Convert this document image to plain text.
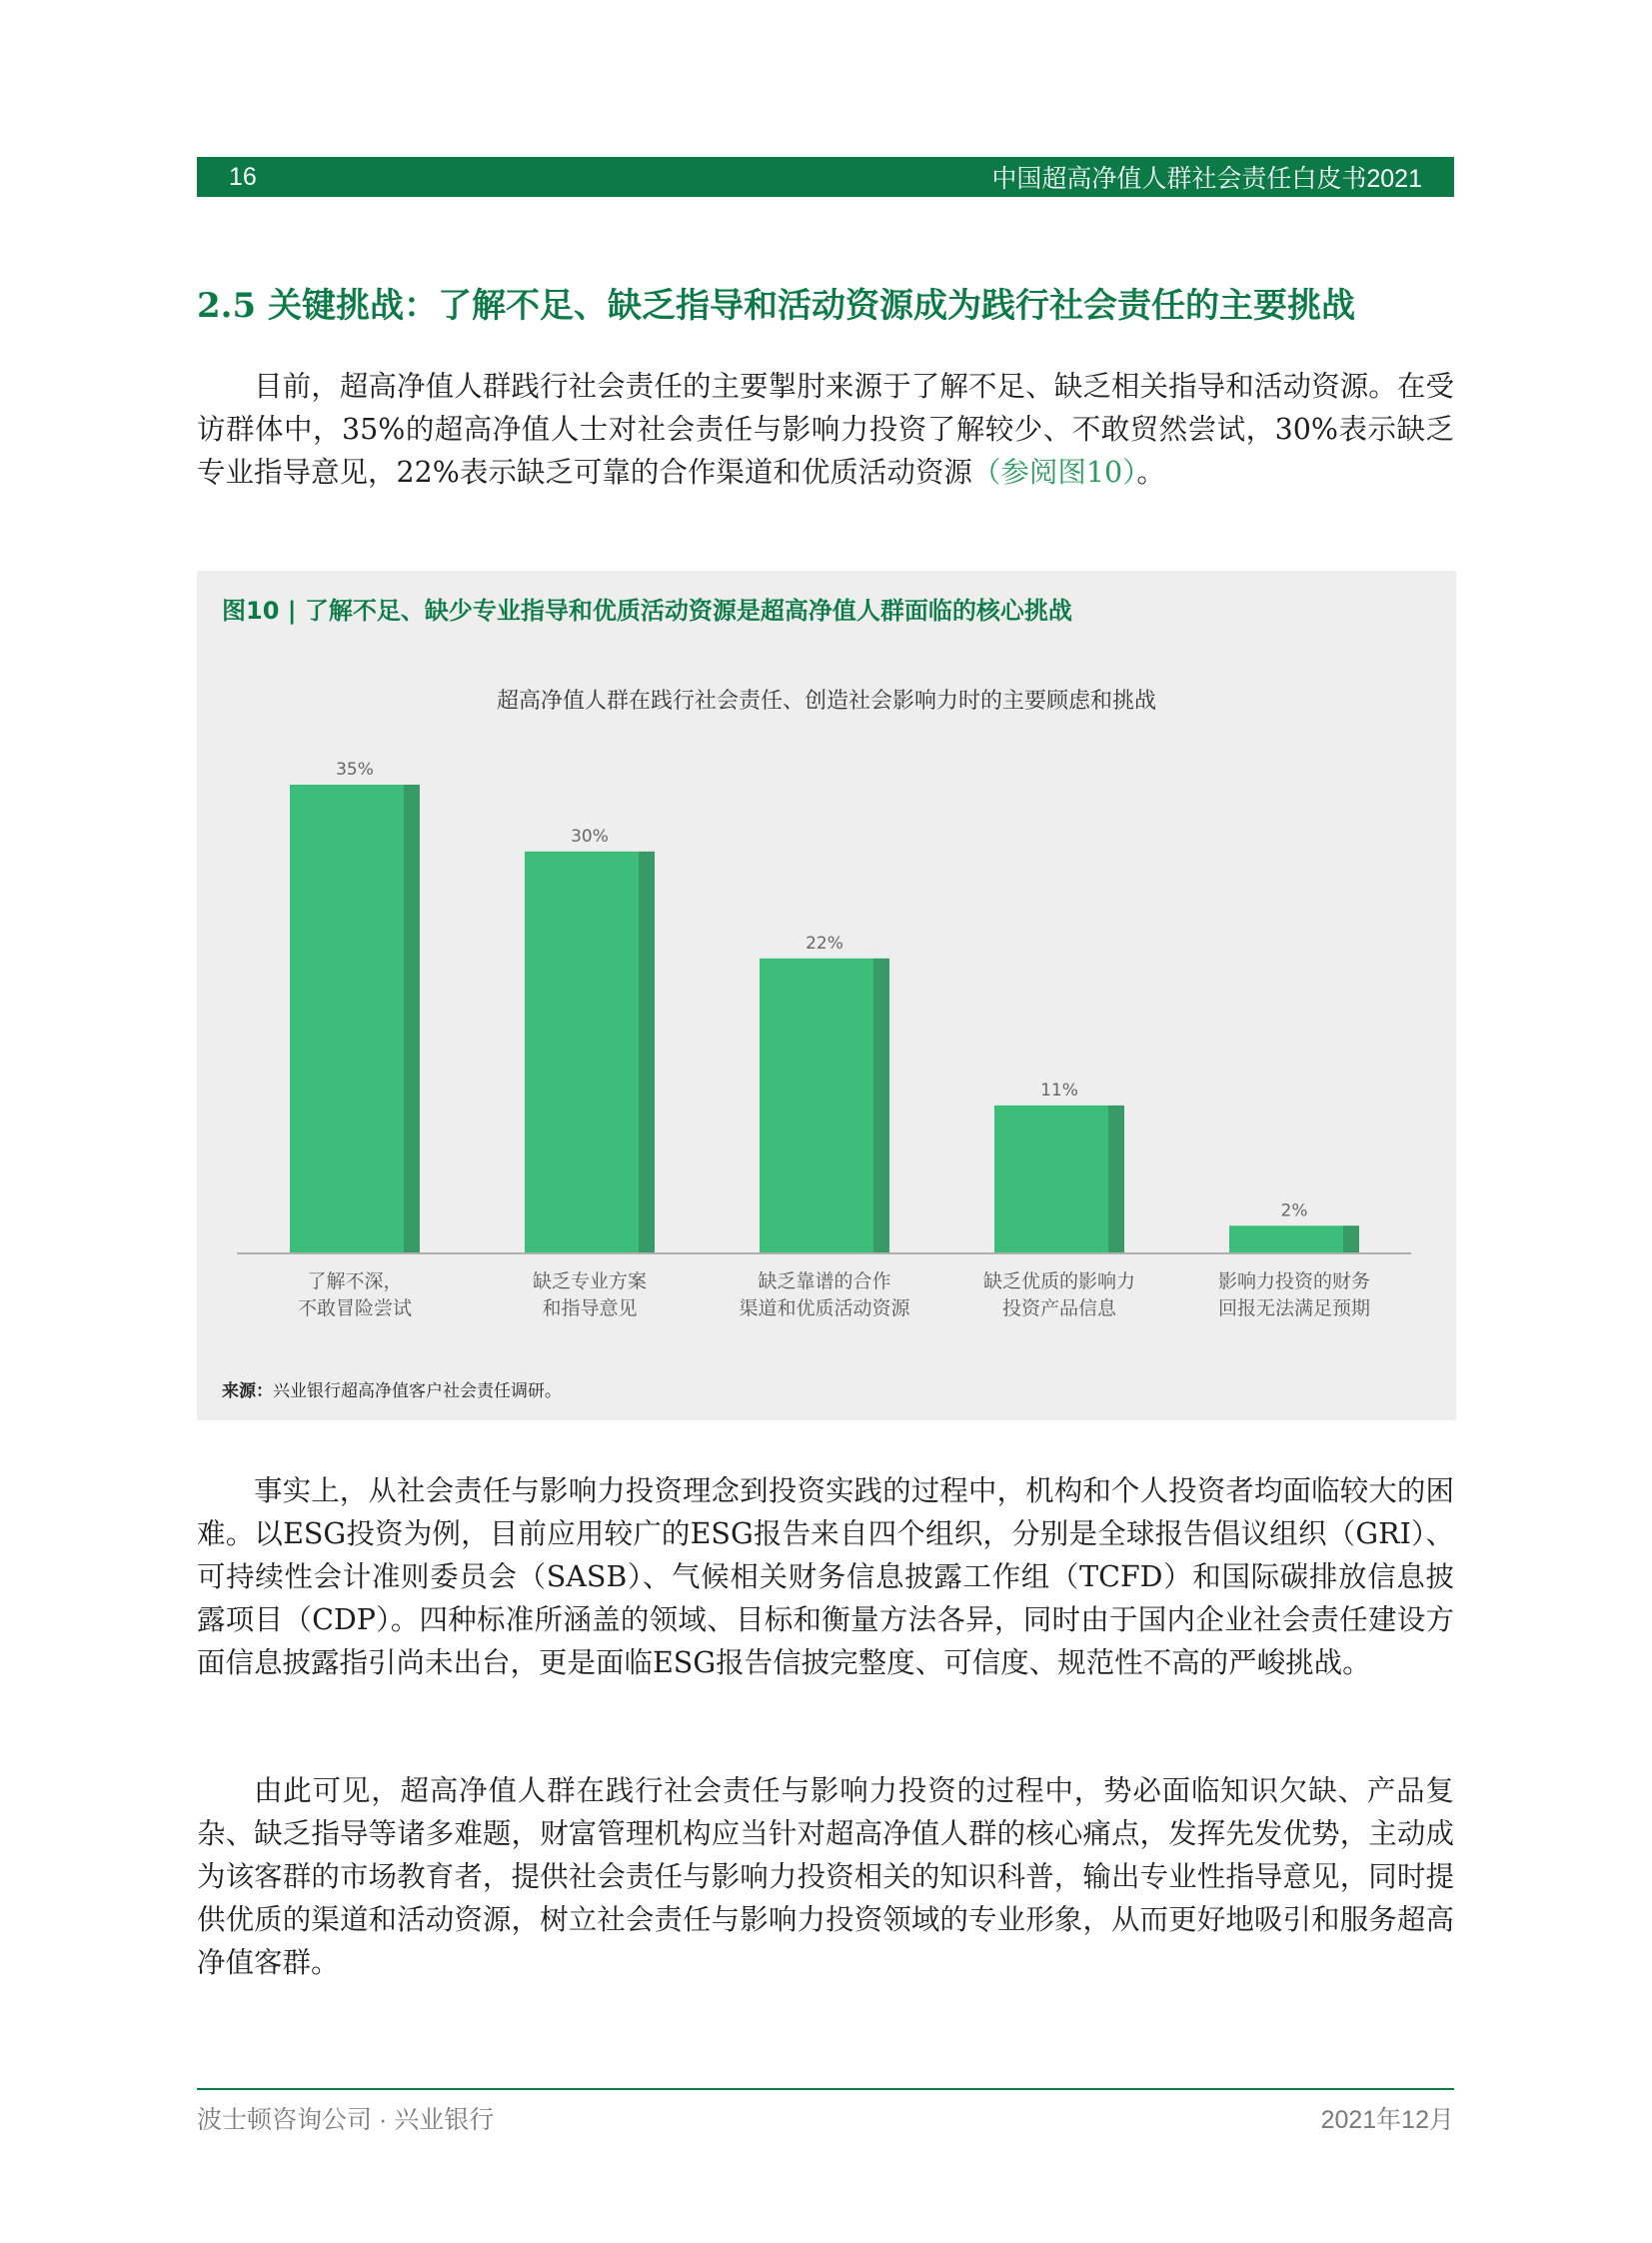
16	中国超高净值人群社会责任白皮书2021
2.5 关键挑战：了解不足、缺乏指导和活动资源成为践行社会责任的主要挑战

目前，超高净值人群践行社会责任的主要掣肘来源于了解不足、缺乏相关指导和活动资源。在受访群体中，35%的超高净值人士对社会责任与影响力投资了解较少、不敢贸然尝试，30%表示缺乏专业指导意见，22%表示缺乏可靠的合作渠道和优质活动资源（参阅图10）。

图10 | 了解不足、缺少专业指导和优质活动资源是超高净值人群面临的核心挑战
超高净值人群在践行社会责任、创造社会影响力时的主要顾虑和挑战
35%
了解不深，
不敢冒险尝试
30%
缺乏专业方案
和指导意见
22%
缺乏靠谱的合作
渠道和优质活动资源
11%
缺乏优质的影响力
投资产品信息
2%
影响力投资的财务
回报无法满足预期
来源：兴业银行超高净值客户社会责任调研。

事实上，从社会责任与影响力投资理念到投资实践的过程中，机构和个人投资者均面临较大的困难。以ESG投资为例，目前应用较广的ESG报告来自四个组织，分别是全球报告倡议组织（GRI）、可持续性会计准则委员会（SASB）、气候相关财务信息披露工作组（TCFD）和国际碳排放信息披露项目（CDP）。四种标准所涵盖的领域、目标和衡量方法各异，同时由于国内企业社会责任建设方面信息披露指引尚未出台，更是面临ESG报告信披完整度、可信度、规范性不高的严峻挑战。

由此可见，超高净值人群在践行社会责任与影响力投资的过程中，势必面临知识欠缺、产品复杂、缺乏指导等诸多难题，财富管理机构应当针对超高净值人群的核心痛点，发挥先发优势，主动成为该客群的市场教育者，提供社会责任与影响力投资相关的知识科普，输出专业性指导意见，同时提供优质的渠道和活动资源，树立社会责任与影响力投资领域的专业形象，从而更好地吸引和服务超高净值客群。

波士顿咨询公司 · 兴业银行	2021年12月
